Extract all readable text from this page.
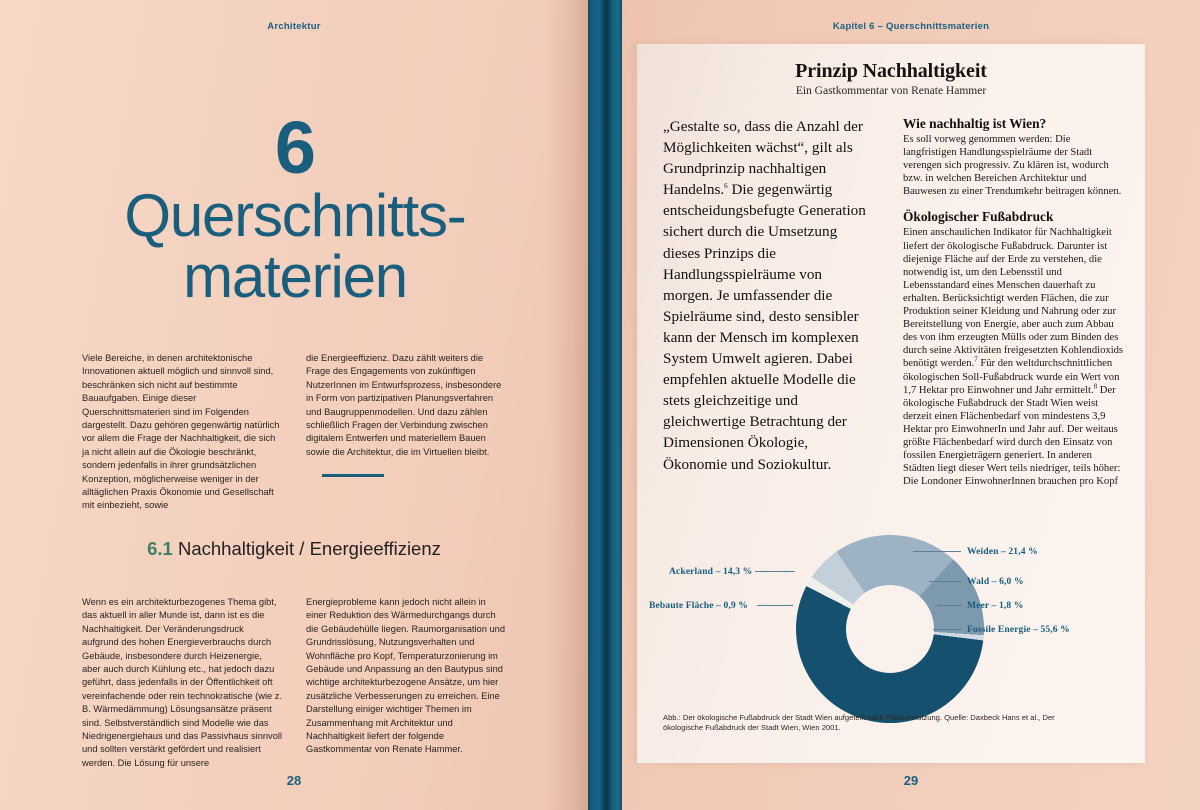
Architektur
6
Querschnitts-
materien

Viele Bereiche, in denen architektonische Innovationen aktuell möglich und sinnvoll sind, beschränken sich nicht auf bestimmte Bauaufgaben. Einige dieser Querschnittsmaterien sind im Folgenden dargestellt. Dazu gehören gegenwärtig natürlich vor allem die Frage der Nachhaltigkeit, die sich ja nicht allein auf die Ökologie beschränkt, sondern jedenfalls in ihrer grundsätzlichen Konzeption, möglicherweise weniger in der alltäglichen Praxis Ökonomie und Gesellschaft mit einbezieht, sowie

die Energieeffizienz. Dazu zählt weiters die Frage des Engagements von zukünftigen NutzerInnen im Entwurfsprozess, insbesondere in Form von partizipativen Planungsverfahren und Baugruppenmodellen. Und dazu zählen schließlich Fragen der Verbindung zwischen digitalem Entwerfen und materiellem Bauen sowie die Architektur, die im Virtuellen bleibt.

6.1 Nachhaltigkeit / Energieeffizienz

Wenn es ein architekturbezogenes Thema gibt, das aktuell in aller Munde ist, dann ist es die Nachhaltigkeit. Der Veränderungsdruck aufgrund des hohen Energieverbrauchs durch Gebäude, insbesondere durch Heizenergie, aber auch durch Kühlung etc., hat jedoch dazu geführt, dass jedenfalls in der Öffentlichkeit oft vereinfachende oder rein technokratische (wie z. B. Wärmedämmung) Lösungsansätze präsent sind. Selbstverständlich sind Modelle wie das Niedrigenergiehaus und das Passivhaus sinnvoll und sollten verstärkt gefördert und realisiert werden. Die Lösung für unsere

Energieprobleme kann jedoch nicht allein in einer Reduktion des Wärmedurchgangs durch die Gebäudehülle liegen. Raumorganisation und Grundrisslösung, Nutzungsverhalten und Wohnfläche pro Kopf, Temperaturzonierung im Gebäude und Anpassung an den Bautypus sind wichtige architekturbezogene Ansätze, um hier zusätzliche Verbesserungen zu erreichen. Eine Darstellung einiger wichtiger Themen im Zusammenhang mit Architektur und Nachhaltigkeit liefert der folgende Gastkommentar von Renate Hammer.

28
Kapitel 6 – Querschnittsmaterien
Prinzip Nachhaltigkeit
Ein Gastkommentar von Renate Hammer

„Gestalte so, dass die Anzahl der Möglichkeiten wächst“, gilt als Grundprinzip nachhaltigen Handelns.$^6$ Die gegenwärtig entscheidungsbefugte Generation sichert durch die Umsetzung dieses Prinzips die Handlungsspielräume von morgen. Je umfassender die Spielräume sind, desto sensibler kann der Mensch im komplexen System Umwelt agieren. Dabei empfehlen aktuelle Modelle die stets gleichzeitige und gleichwertige Betrachtung der Dimensionen Ökologie, Ökonomie und Soziokultur.

Wie nachhaltig ist Wien?

Es soll vorweg genommen werden: Die langfristigen Handlungsspielräume der Stadt verengen sich progressiv. Zu klären ist, wodurch bzw. in welchen Bereichen Architektur und Bauwesen zu einer Trendumkehr beitragen können.

Ökologischer Fußabdruck

Einen anschaulichen Indikator für Nachhaltigkeit liefert der ökologische Fußabdruck. Darunter ist diejenige Fläche auf der Erde zu verstehen, die notwendig ist, um den Lebensstil und Lebensstandard eines Menschen dauerhaft zu erhalten. Berücksichtigt werden Flächen, die zur Produktion seiner Kleidung und Nahrung oder zur Bereitstellung von Energie, aber auch zum Abbau des von ihm erzeugten Mülls oder zum Binden des durch seine Aktivitäten freigesetzten Kohlendioxids benötigt werden.$^7$ Für den weltdurchschnittlichen ökologischen Soll-Fußabdruck wurde ein Wert von 1,7 Hektar pro Einwohner und Jahr ermittelt.$^8$ Der ökologische Fußabdruck der Stadt Wien weist derzeit einen Flächenbedarf von mindestens 3,9 Hektar pro EinwohnerIn und Jahr auf. Der weitaus größte Flächenbedarf wird durch den Einsatz von fossilen Energieträgern generiert. In anderen Städten liegt dieser Wert teils niedriger, teils höher: Die Londoner EinwohnerInnen brauchen pro Kopf

Weiden – 21,4 %
Wald – 6,0 %
Meer – 1,8 %
Fossile Energie – 55,6 %
Ackerland – 14,3 %
Bebaute Fläche – 0,9 %
Abb.: Der ökologische Fußabdruck der Stadt Wien aufgeteilt nach Flächennutzung. Quelle: Daxbeck Hans et al., Der ökologische Fußabdruck der Stadt Wien, Wien 2001.
29
